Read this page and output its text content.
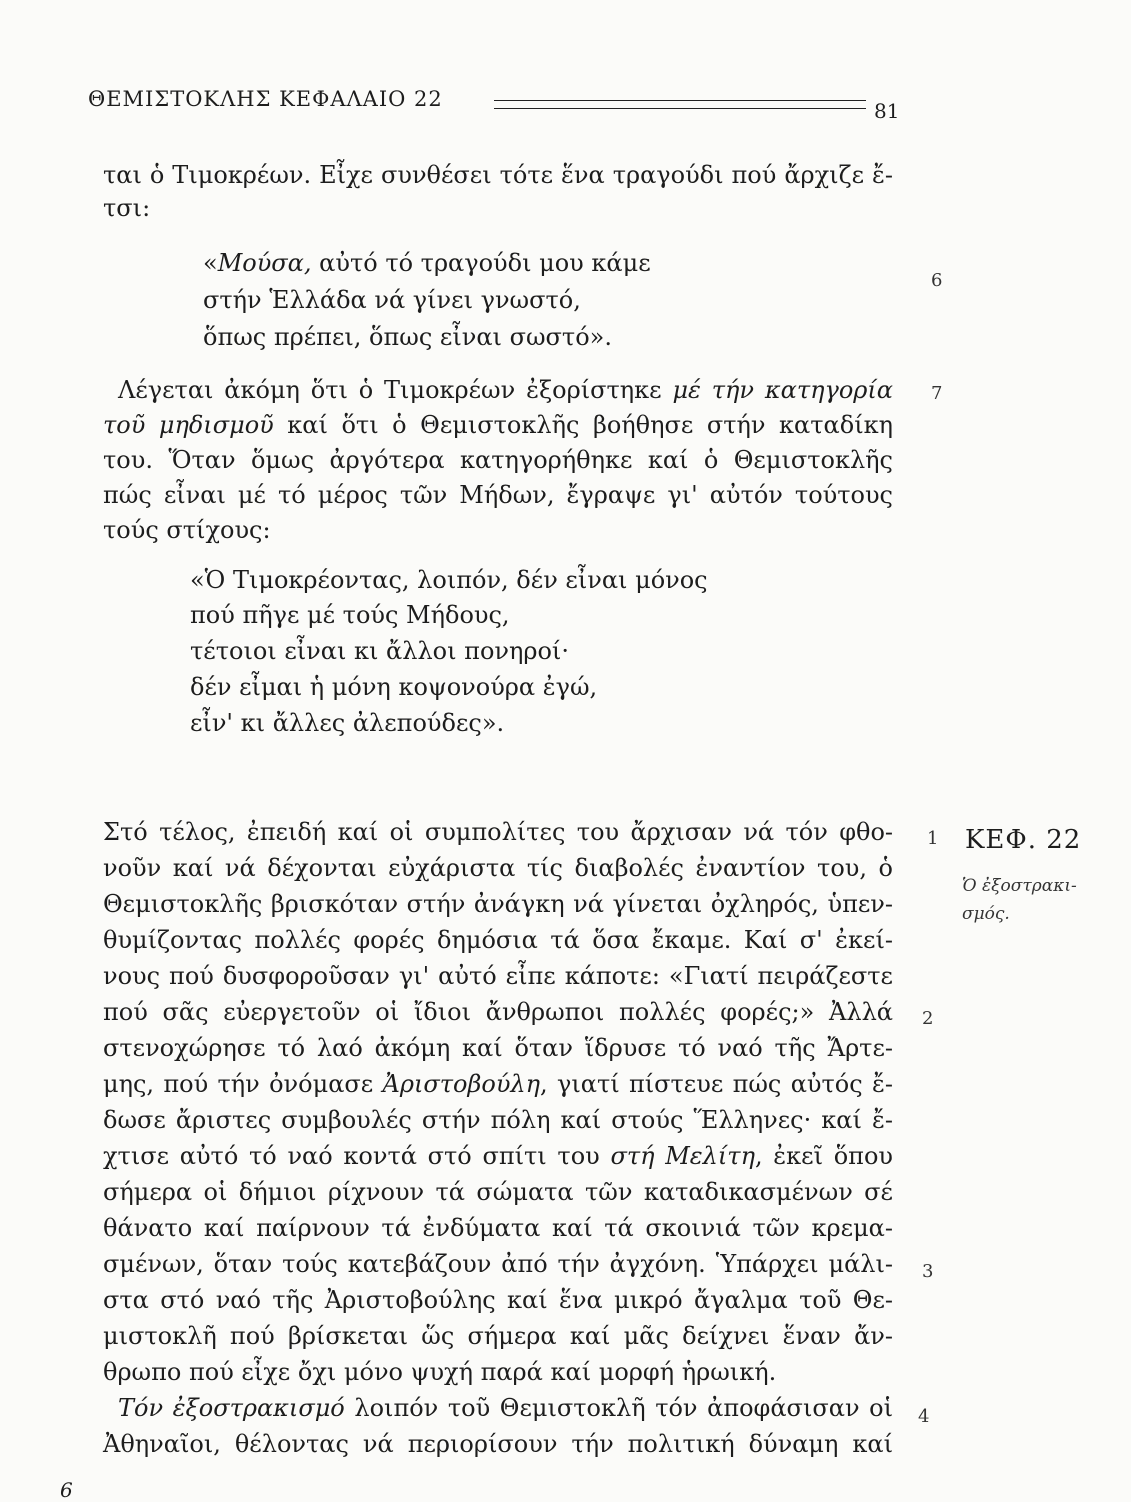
ΘΕΜΙΣΤΟΚΛΗΣ ΚΕΦΑΛΑΙΟ 22	81
ται ὁ Τιμοκρέων. Εἶχε συνθέσει τότε ἕνα τραγούδι πού ἄρχιζε ἔ-
τσι:
«Μούσα, αὐτό τό τραγούδι μου κάμε
στήν Ἑλλάδα νά γίνει γνωστό,
ὅπως πρέπει, ὅπως εἶναι σωστό».
Λέγεται ἀκόμη ὅτι ὁ Τιμοκρέων ἐξορίστηκε μέ τήν κατηγορία
τοῦ μηδισμοῦ καί ὅτι ὁ Θεμιστοκλῆς βοήθησε στήν καταδίκη
του. Ὅταν ὅμως ἀργότερα κατηγορήθηκε καί ὁ Θεμιστοκλῆς
πώς εἶναι μέ τό μέρος τῶν Μήδων, ἔγραψε γι' αὐτόν τούτους
τούς στίχους:
«Ὁ Τιμοκρέοντας, λοιπόν, δέν εἶναι μόνος
πού πῆγε μέ τούς Μήδους,
τέτοιοι εἶναι κι ἄλλοι πονηροί·
δέν εἶμαι ἡ μόνη κοψονούρα ἐγώ,
εἶν' κι ἄλλες ἀλεπούδες».
Στό τέλος, ἐπειδή καί οἱ συμπολίτες του ἄρχισαν νά τόν φθο-
νοῦν καί νά δέχονται εὐχάριστα τίς διαβολές ἐναντίον του, ὁ
Θεμιστοκλῆς βρισκόταν στήν ἀνάγκη νά γίνεται ὀχληρός, ὑπεν-
θυμίζοντας πολλές φορές δημόσια τά ὅσα ἔκαμε. Καί σ' ἐκεί-
νους πού δυσφοροῦσαν γι' αὐτό εἶπε κάποτε: «Γιατί πειράζεστε
πού σᾶς εὐεργετοῦν οἱ ἴδιοι ἄνθρωποι πολλές φορές;» Ἀλλά
στενοχώρησε τό λαό ἀκόμη καί ὅταν ἵδρυσε τό ναό τῆς Ἄρτε-
μης, πού τήν ὀνόμασε Ἀριστοβούλη, γιατί πίστευε πώς αὐτός ἔ-
δωσε ἄριστες συμβουλές στήν πόλη καί στούς Ἕλληνες· καί ἔ-
χτισε αὐτό τό ναό κοντά στό σπίτι του στή Μελίτη, ἐκεῖ ὅπου
σήμερα οἱ δήμιοι ρίχνουν τά σώματα τῶν καταδικασμένων σέ
θάνατο καί παίρνουν τά ἐνδύματα καί τά σκοινιά τῶν κρεμα-
σμένων, ὅταν τούς κατεβάζουν ἀπό τήν ἀγχόνη. Ὑπάρχει μάλι-
στα στό ναό τῆς Ἀριστοβούλης καί ἕνα μικρό ἄγαλμα τοῦ Θε-
μιστοκλῆ πού βρίσκεται ὥς σήμερα καί μᾶς δείχνει ἕναν ἄν-
θρωπο πού εἶχε ὄχι μόνο ψυχή παρά καί μορφή ἡρωική.
Τόν ἐξοστρακισμό λοιπόν τοῦ Θεμιστοκλῆ τόν ἀποφάσισαν οἱ
Ἀθηναῖοι, θέλοντας νά περιορίσουν τήν πολιτική δύναμη καί
6
7
1
2
3
4
ΚΕΦ. 22
Ὁ ἐξοστρακι-
σμός.
6
